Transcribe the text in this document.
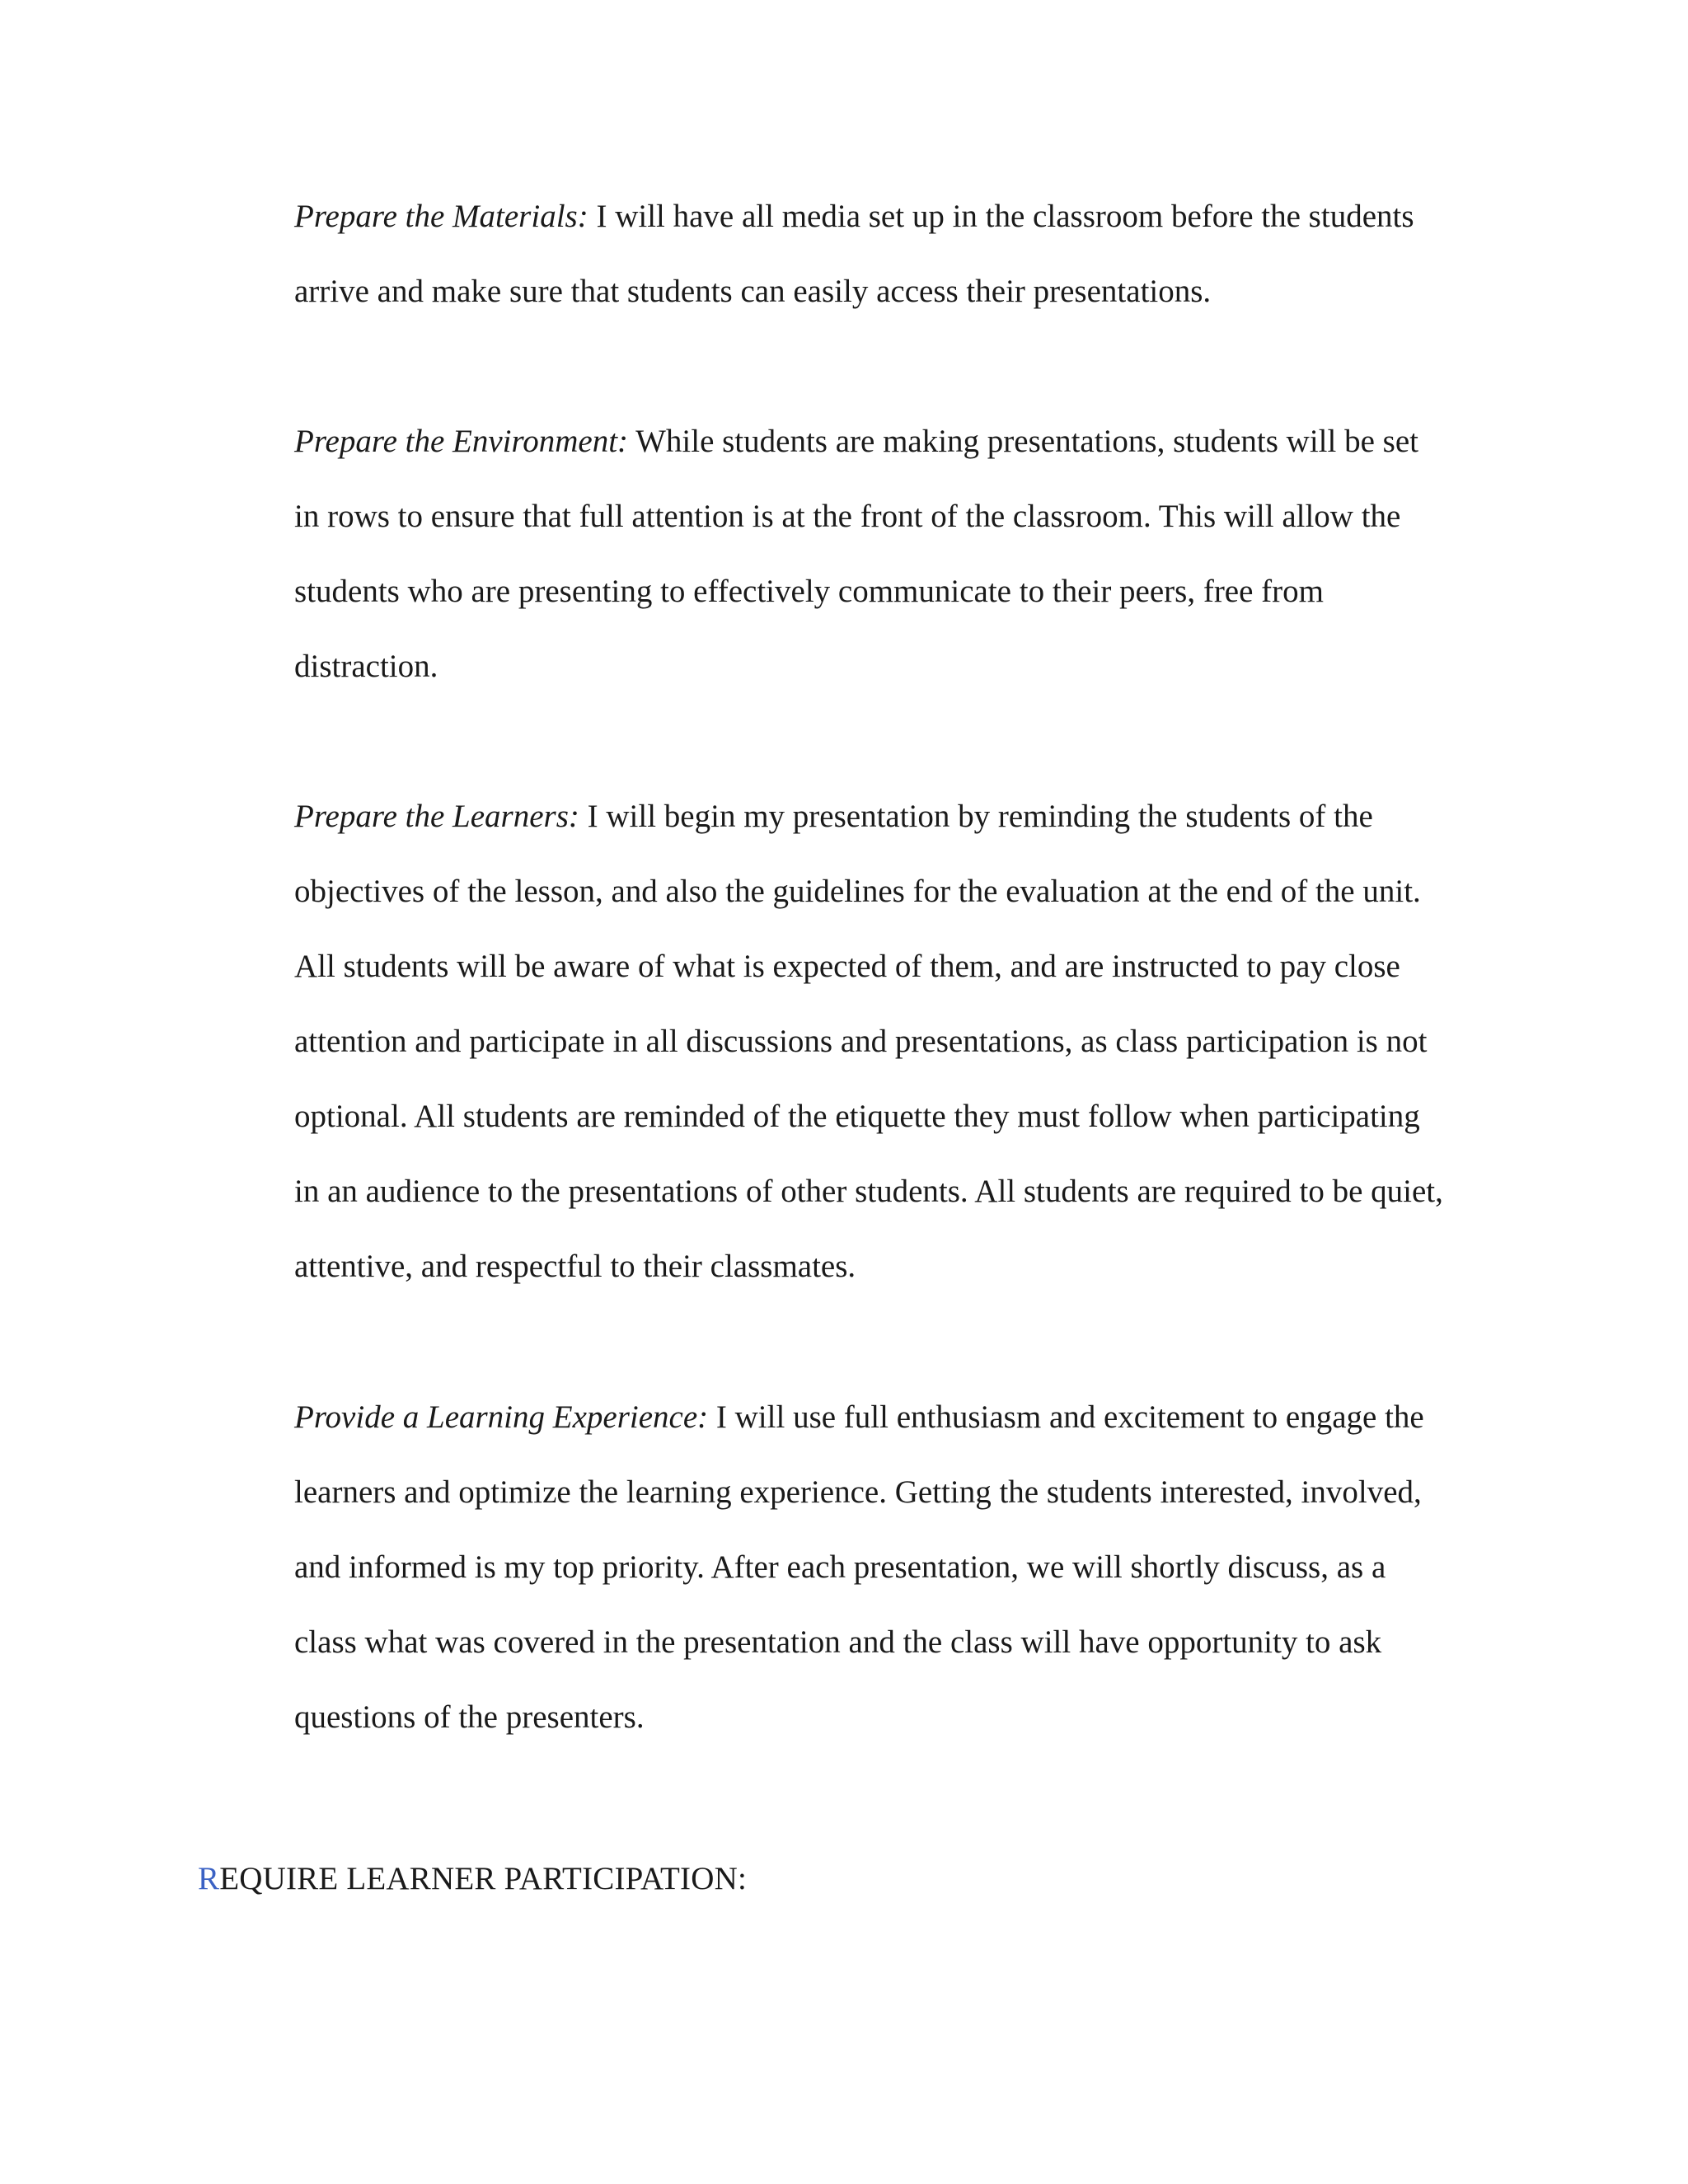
Prepare the Materials: I will have all media set up in the classroom before the students
arrive and make sure that students can easily access their presentations.

Prepare the Environment: While students are making presentations, students will be set
in rows to ensure that full attention is at the front of the classroom. This will allow the
students who are presenting to effectively communicate to their peers, free from
distraction.

Prepare the Learners: I will begin my presentation by reminding the students of the
objectives of the lesson, and also the guidelines for the evaluation at the end of the unit.
All students will be aware of what is expected of them, and are instructed to pay close
attention and participate in all discussions and presentations, as class participation is not
optional. All students are reminded of the etiquette they must follow when participating
in an audience to the presentations of other students. All students are required to be quiet,
attentive, and respectful to their classmates.

Provide a Learning Experience: I will use full enthusiasm and excitement to engage the
learners and optimize the learning experience. Getting the students interested, involved,
and informed is my top priority. After each presentation, we will shortly discuss, as a
class what was covered in the presentation and the class will have opportunity to ask
questions of the presenters.

REQUIRE LEARNER PARTICIPATION:
